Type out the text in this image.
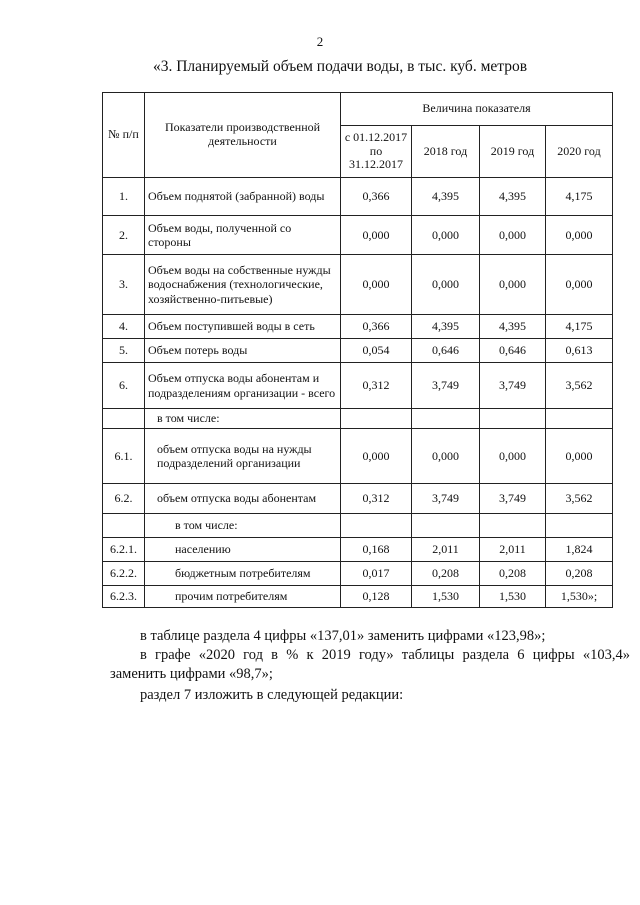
2
«3. Планируемый объем подачи воды, в тыс. куб. метров
№ п/п	Показатели производственной деятельности	Величина показателя			
		с 01.12.2017 по 31.12.2017	2018 год	2019 год	2020 год
1.	Объем поднятой (забранной) воды	0,366	4,395	4,395	4,175
2.	Объем воды, полученной со стороны	0,000	0,000	0,000	0,000
3.	Объем воды на собственные нужды водоснабжения (технологические, хозяйственно-питьевые)	0,000	0,000	0,000	0,000
4.	Объем поступившей воды в сеть	0,366	4,395	4,395	4,175
5.	Объем потерь воды	0,054	0,646	0,646	0,613
6.	Объем отпуска воды абонентам и подразделениям организации - всего	0,312	3,749	3,749	3,562
	в том числе:				
6.1.	объем отпуска воды на нужды подразделений организации	0,000	0,000	0,000	0,000
6.2.	объем отпуска воды абонентам	0,312	3,749	3,749	3,562
	в том числе:				
6.2.1.	населению	0,168	2,011	2,011	1,824
6.2.2.	бюджетным потребителям	0,017	0,208	0,208	0,208
6.2.3.	прочим потребителям	0,128	1,530	1,530	1,530»;
в таблице раздела 4 цифры «137,01» заменить цифрами «123,98»;
в графе «2020 год в % к 2019 году» таблицы раздела 6 цифры «103,4»
заменить цифрами «98,7»;
раздел 7 изложить в следующей редакции:
